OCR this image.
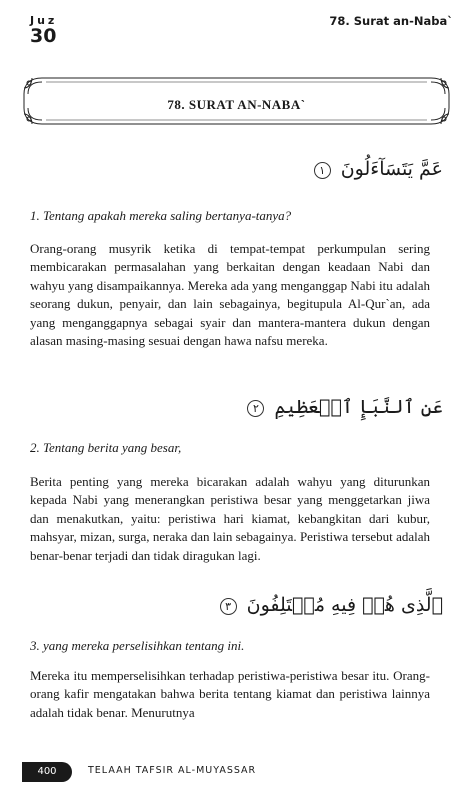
Juz
30
78. Surat an-Naba`
78. SURAT AN-NABA`
عَمَّ يَتَسَآءَلُونَ ١
1. Tentang apakah mereka saling bertanya-tanya?
Orang-orang musyrik ketika di tempat-tempat perkumpulan sering membicarakan permasalahan yang berkaitan dengan keadaan Nabi dan wahyu yang disampaikannya. Mereka ada yang menganggap Nabi itu adalah seorang dukun, penyair, dan lain sebagainya, begitupula Al-Qur`an, ada yang menganggapnya sebagai syair dan mantera-mantera dukun dengan alasan masing-masing sesuai dengan hawa nafsu mereka.
عَنِ ٱلنَّبَإِ ٱلۡعَظِيمِ ٢
2. Tentang berita yang besar,
Berita penting yang mereka bicarakan adalah wahyu yang diturunkan kepada Nabi yang menerangkan peristiwa besar yang menggetarkan jiwa dan menakutkan, yaitu: peristiwa hari kiamat, kebangkitan dari kubur, mahsyar, mizan, surga, neraka dan lain sebagainya. Peristiwa tersebut adalah benar-benar terjadi dan tidak diragukan lagi.
ٱلَّذِى هُمۡ فِيهِ مُخۡتَلِفُونَ ٣
3. yang mereka perselisihkan tentang ini.
Mereka itu memperselisihkan terhadap peristiwa-peristiwa besar itu. Orang-orang kafir mengatakan bahwa berita tentang kiamat dan peristiwa lainnya adalah tidak benar. Menurutnya
400	TELAAH TAFSIR AL-MUYASSAR
